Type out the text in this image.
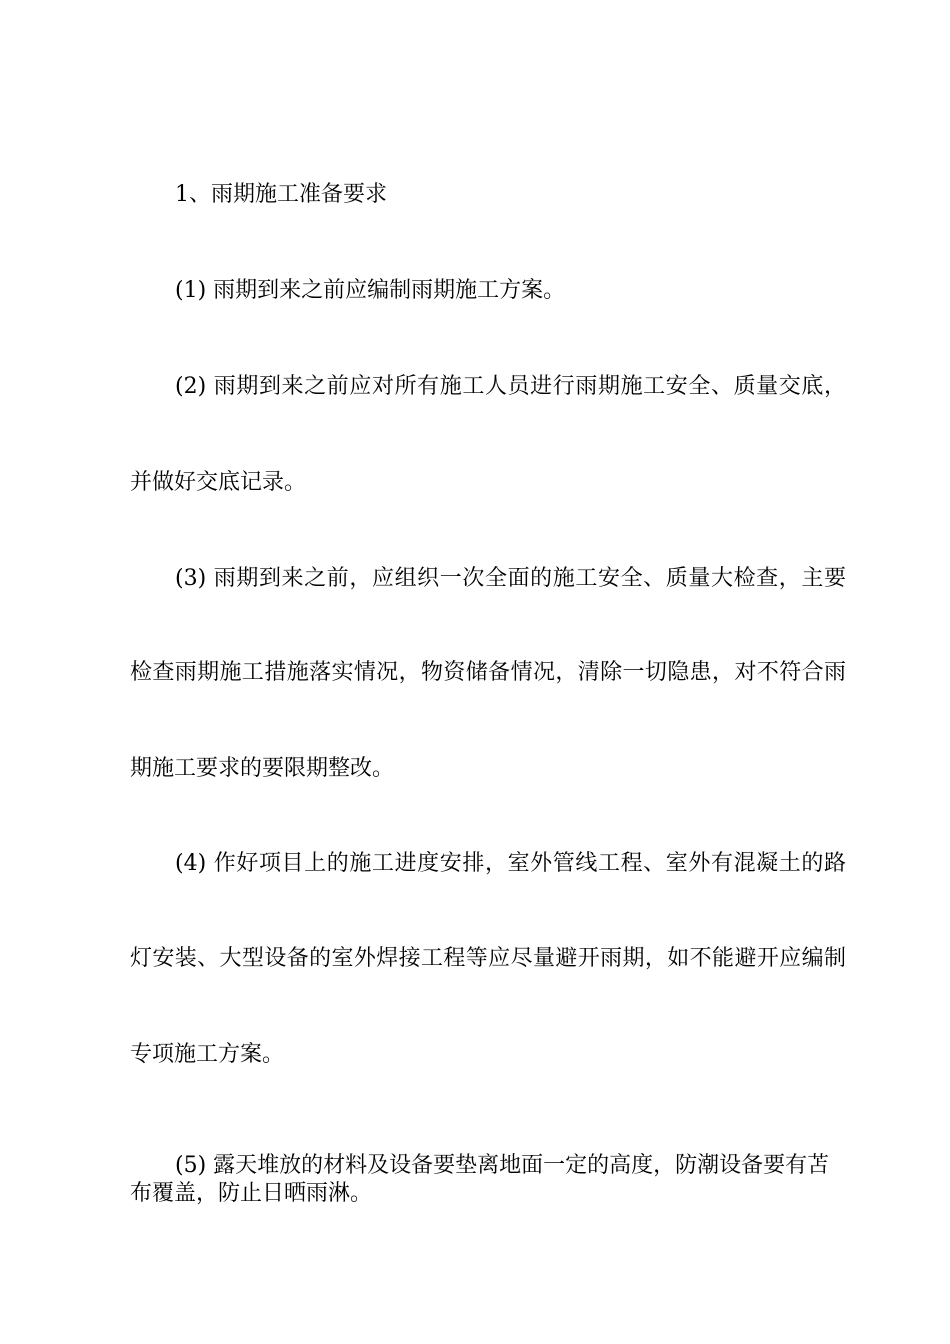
1、雨期施工准备要求
(1) 雨期到来之前应编制雨期施工方案。
(2) 雨期到来之前应对所有施工人员进行雨期施工安全、质量交底，
并做好交底记录。
(3) 雨期到来之前，应组织一次全面的施工安全、质量大检查，主要
检查雨期施工措施落实情况，物资储备情况，清除一切隐患，对不符合雨
期施工要求的要限期整改。
(4) 作好项目上的施工进度安排，室外管线工程、室外有混凝土的路
灯安装、大型设备的室外焊接工程等应尽量避开雨期，如不能避开应编制
专项施工方案。
(5) 露天堆放的材料及设备要垫离地面一定的高度，防潮设备要有苫
布覆盖，防止日晒雨淋。
